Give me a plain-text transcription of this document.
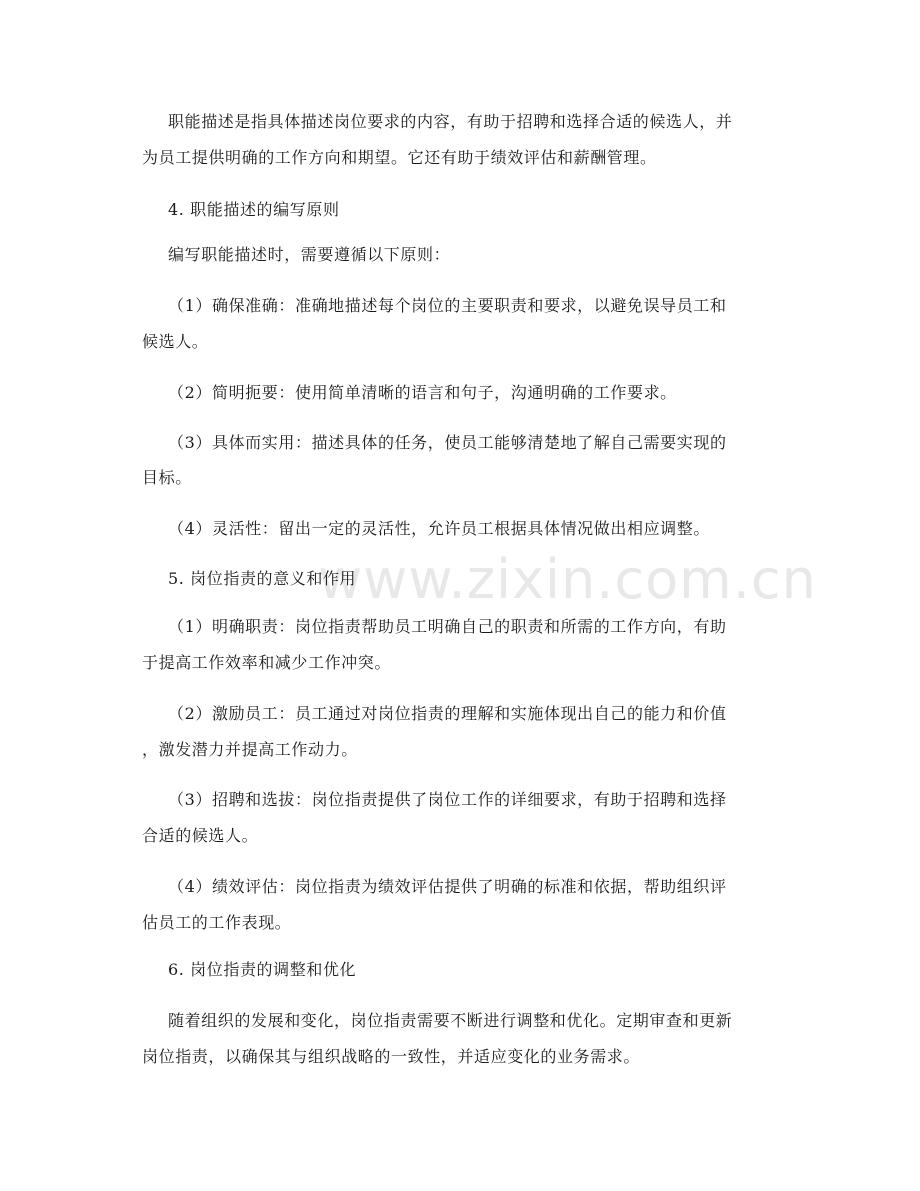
www.zixin.com.cn
职能描述是指具体描述岗位要求的内容，有助于招聘和选择合适的候选人，并
为员工提供明确的工作方向和期望。它还有助于绩效评估和薪酬管理。
4. 职能描述的编写原则
编写职能描述时，需要遵循以下原则：
（1）确保准确：准确地描述每个岗位的主要职责和要求，以避免误导员工和
候选人。
（2）简明扼要：使用简单清晰的语言和句子，沟通明确的工作要求。
（3）具体而实用：描述具体的任务，使员工能够清楚地了解自己需要实现的
目标。
（4）灵活性：留出一定的灵活性，允许员工根据具体情况做出相应调整。
5. 岗位指责的意义和作用
（1）明确职责：岗位指责帮助员工明确自己的职责和所需的工作方向，有助
于提高工作效率和减少工作冲突。
（2）激励员工：员工通过对岗位指责的理解和实施体现出自己的能力和价值
，激发潜力并提高工作动力。
（3）招聘和选拔：岗位指责提供了岗位工作的详细要求，有助于招聘和选择
合适的候选人。
（4）绩效评估：岗位指责为绩效评估提供了明确的标准和依据，帮助组织评
估员工的工作表现。
6. 岗位指责的调整和优化
随着组织的发展和变化，岗位指责需要不断进行调整和优化。定期审查和更新
岗位指责，以确保其与组织战略的一致性，并适应变化的业务需求。
